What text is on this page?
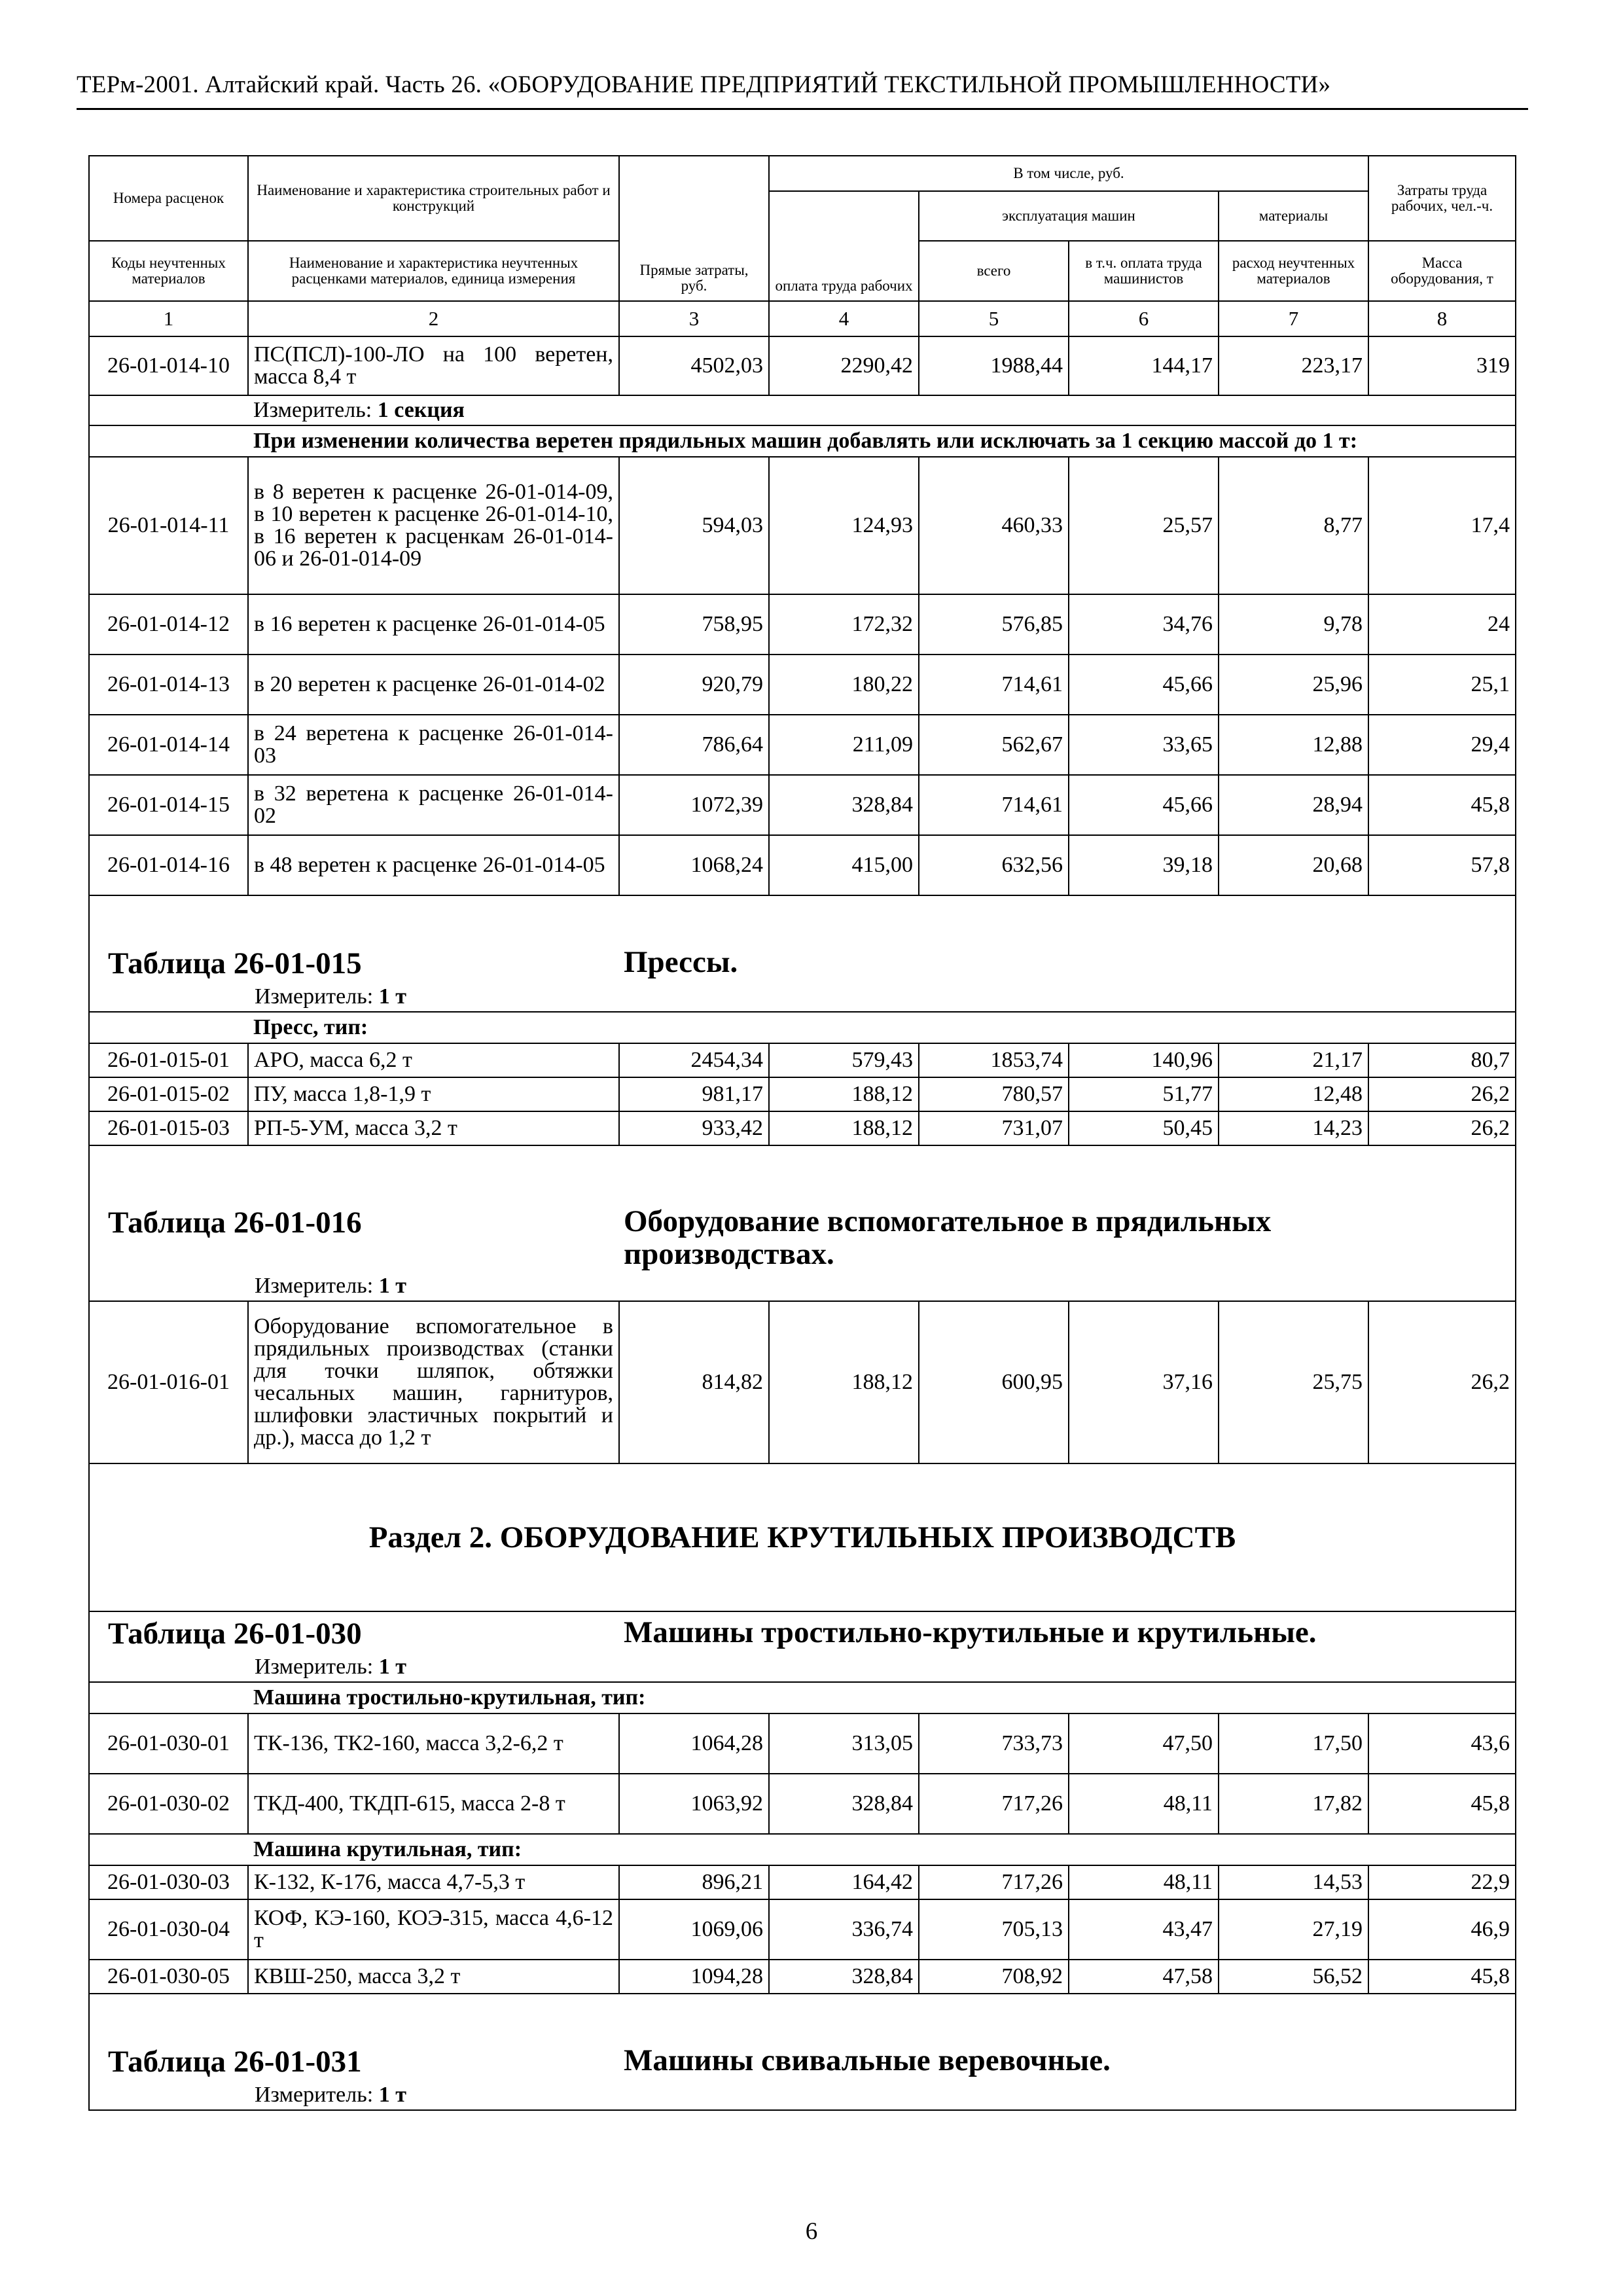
ТЕРм-2001. Алтайский край. Часть 26. «ОБОРУДОВАНИЕ ПРЕДПРИЯТИЙ ТЕКСТИЛЬНОЙ ПРОМЫШЛЕННОСТИ»
Номера расценок	Наименование и характеристика строительных работ и конструкций	Прямые затраты, руб.	В том числе, руб.				Затраты труда рабочих, чел.-ч.
			оплата труда рабочих	эксплуатация машин		материалы	
Коды неучтенных материалов	Наименование и характеристика неучтенных расценками материалов, единица измерения			всего	в т.ч. оплата труда машинистов	расход неучтенных материалов	Масса оборудования, т
1	2	3	4	5	6	7	8
26-01-014-10	ПС(ПСЛ)-100-ЛО на 100 веретен, масса 8,4 т	4502,03	2290,42	1988,44	144,17	223,17	319
	Измеритель: 1 секция						
	При изменении количества веретен прядильных машин добавлять или исключать за 1 секцию массой до 1 т:						
26-01-014-11	в 8 веретен к расценке 26-01-014-09, в 10 веретен к расценке 26-01-014-10, в 16 веретен к расценкам 26-01-014-06 и 26-01-014-09	594,03	124,93	460,33	25,57	8,77	17,4
26-01-014-12	в 16 веретен к расценке 26-01-014-05	758,95	172,32	576,85	34,76	9,78	24
26-01-014-13	в 20 веретен к расценке 26-01-014-02	920,79	180,22	714,61	45,66	25,96	25,1
26-01-014-14	в 24 веретена к расценке 26-01-014-03	786,64	211,09	562,67	33,65	12,88	29,4
26-01-014-15	в 32 веретена к расценке 26-01-014-02	1072,39	328,84	714,61	45,66	28,94	45,8
26-01-014-16	в 48 веретен к расценке 26-01-014-05	1068,24	415,00	632,56	39,18	20,68	57,8
Таблица 26-01-015 Прессы.							
Измеритель: 1 т							
	Пресс, тип:						
26-01-015-01	АРО, масса 6,2 т	2454,34	579,43	1853,74	140,96	21,17	80,7
26-01-015-02	ПУ, масса 1,8-1,9 т	981,17	188,12	780,57	51,77	12,48	26,2
26-01-015-03	РП-5-УМ, масса 3,2 т	933,42	188,12	731,07	50,45	14,23	26,2
Таблица 26-01-016 Оборудование вспомогательное в прядильных производствах.							
Измеритель: 1 т							
26-01-016-01	Оборудование вспомогательное в прядильных производствах (станки для точки шляпок, обтяжки чесальных машин, гарнитуров, шлифовки эластичных покрытий и др.), масса до 1,2 т	814,82	188,12	600,95	37,16	25,75	26,2
Раздел 2. ОБОРУДОВАНИЕ КРУТИЛЬНЫХ ПРОИЗВОДСТВ							
Таблица 26-01-030 Машины тростильно-крутильные и крутильные.							
Измеритель: 1 т							
	Машина тростильно-крутильная, тип:						
26-01-030-01	ТК-136, ТК2-160, масса 3,2-6,2 т	1064,28	313,05	733,73	47,50	17,50	43,6
26-01-030-02	ТКД-400, ТКДП-615, масса 2-8 т	1063,92	328,84	717,26	48,11	17,82	45,8
	Машина крутильная, тип:						
26-01-030-03	К-132, К-176, масса 4,7-5,3 т	896,21	164,42	717,26	48,11	14,53	22,9
26-01-030-04	КОФ, КЭ-160, КОЭ-315, масса 4,6-12 т	1069,06	336,74	705,13	43,47	27,19	46,9
26-01-030-05	КВШ-250, масса 3,2 т	1094,28	328,84	708,92	47,58	56,52	45,8
Таблица 26-01-031 Машины свивальные веревочные.							
Измеритель: 1 т							
6
